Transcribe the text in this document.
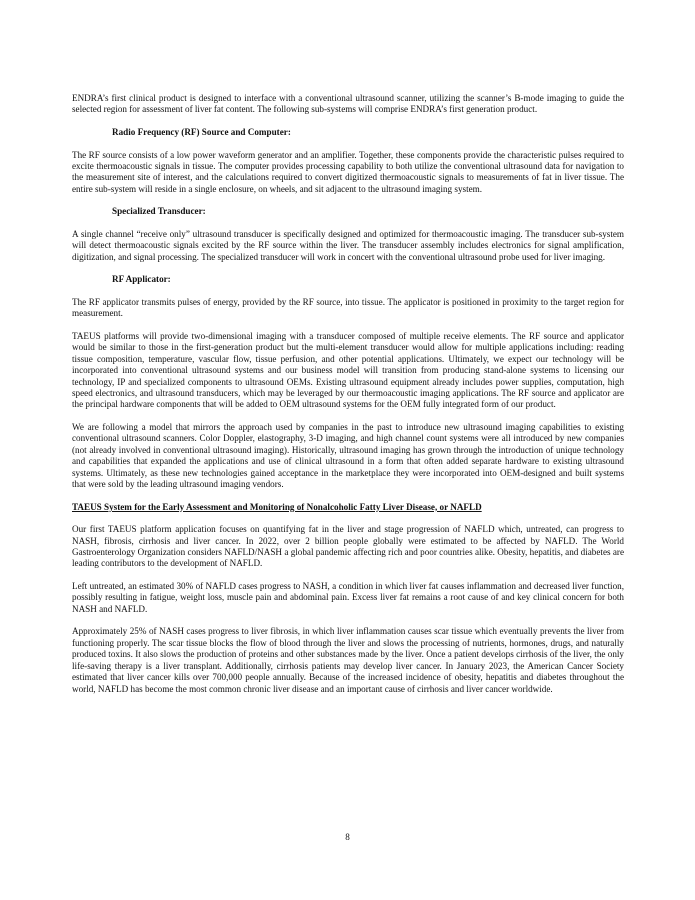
ENDRA’s first clinical product is designed to interface with a conventional ultrasound scanner, utilizing the scanner’s B-mode imaging to guide the selected region for assessment of liver fat content. The following sub-systems will comprise ENDRA’s first generation product.

Radio Frequency (RF) Source and Computer:

The RF source consists of a low power waveform generator and an amplifier. Together, these components provide the characteristic pulses required to excite thermoacoustic signals in tissue. The computer provides processing capability to both utilize the conventional ultrasound data for navigation to the measurement site of interest, and the calculations required to convert digitized thermoacoustic signals to measurements of fat in liver tissue. The entire sub-system will reside in a single enclosure, on wheels, and sit adjacent to the ultrasound imaging system.

Specialized Transducer:

A single channel “receive only” ultrasound transducer is specifically designed and optimized for thermoacoustic imaging. The transducer sub-system will detect thermoacoustic signals excited by the RF source within the liver. The transducer assembly includes electronics for signal amplification, digitization, and signal processing. The specialized transducer will work in concert with the conventional ultrasound probe used for liver imaging.

RF Applicator:

The RF applicator transmits pulses of energy, provided by the RF source, into tissue. The applicator is positioned in proximity to the target region for measurement.

TAEUS platforms will provide two-dimensional imaging with a transducer composed of multiple receive elements. The RF source and applicator would be similar to those in the first-generation product but the multi-element transducer would allow for multiple applications including: reading tissue composition, temperature, vascular flow, tissue perfusion, and other potential applications. Ultimately, we expect our technology will be incorporated into conventional ultrasound systems and our business model will transition from producing stand-alone systems to licensing our technology, IP and specialized components to ultrasound OEMs. Existing ultrasound equipment already includes power supplies, computation, high speed electronics, and ultrasound transducers, which may be leveraged by our thermoacoustic imaging applications. The RF source and applicator are the principal hardware components that will be added to OEM ultrasound systems for the OEM fully integrated form of our product.

We are following a model that mirrors the approach used by companies in the past to introduce new ultrasound imaging capabilities to existing conventional ultrasound scanners. Color Doppler, elastography, 3-D imaging, and high channel count systems were all introduced by new companies (not already involved in conventional ultrasound imaging). Historically, ultrasound imaging has grown through the introduction of unique technology and capabilities that expanded the applications and use of clinical ultrasound in a form that often added separate hardware to existing ultrasound systems. Ultimately, as these new technologies gained acceptance in the marketplace they were incorporated into OEM-designed and built systems that were sold by the leading ultrasound imaging vendors.

TAEUS System for the Early Assessment and Monitoring of Nonalcoholic Fatty Liver Disease, or NAFLD

Our first TAEUS platform application focuses on quantifying fat in the liver and stage progression of NAFLD which, untreated, can progress to NASH, fibrosis, cirrhosis and liver cancer. In 2022, over 2 billion people globally were estimated to be affected by NAFLD. The World Gastroenterology Organization considers NAFLD/NASH a global pandemic affecting rich and poor countries alike. Obesity, hepatitis, and diabetes are leading contributors to the development of NAFLD.

Left untreated, an estimated 30% of NAFLD cases progress to NASH, a condition in which liver fat causes inflammation and decreased liver function, possibly resulting in fatigue, weight loss, muscle pain and abdominal pain. Excess liver fat remains a root cause of and key clinical concern for both NASH and NAFLD.

Approximately 25% of NASH cases progress to liver fibrosis, in which liver inflammation causes scar tissue which eventually prevents the liver from functioning properly. The scar tissue blocks the flow of blood through the liver and slows the processing of nutrients, hormones, drugs, and naturally produced toxins. It also slows the production of proteins and other substances made by the liver. Once a patient develops cirrhosis of the liver, the only life-saving therapy is a liver transplant. Additionally, cirrhosis patients may develop liver cancer. In January 2023, the American Cancer Society estimated that liver cancer kills over 700,000 people annually. Because of the increased incidence of obesity, hepatitis and diabetes throughout the world, NAFLD has become the most common chronic liver disease and an important cause of cirrhosis and liver cancer worldwide.

8
